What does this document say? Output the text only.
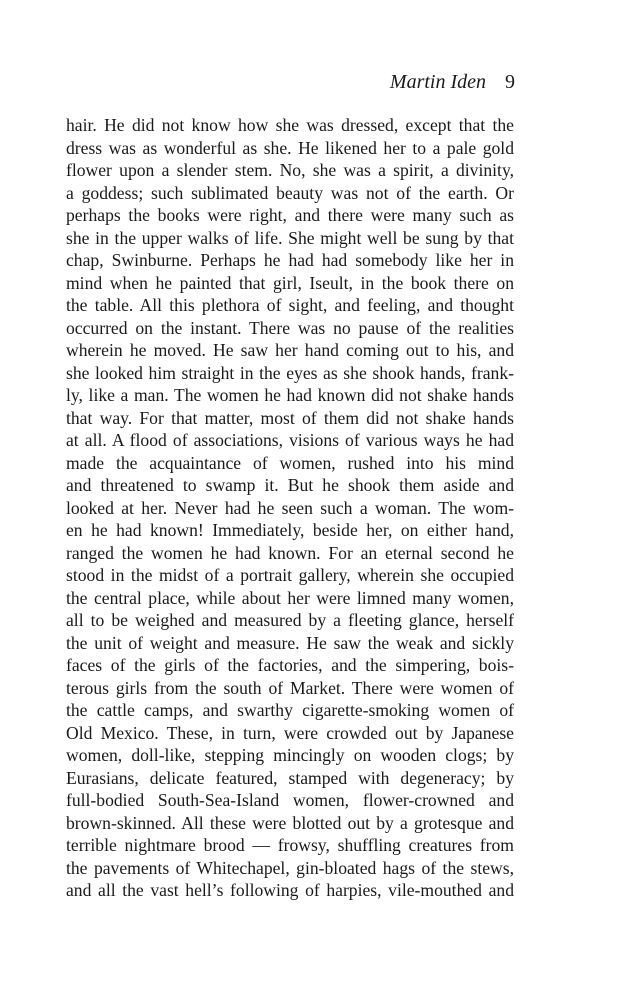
Martin Iden 9
hair. He did not know how she was dressed, except that the
dress was as wonderful as she. He likened her to a pale gold
flower upon a slender stem. No, she was a spirit, a divinity,
a goddess; such sublimated beauty was not of the earth. Or
perhaps the books were right, and there were many such as
she in the upper walks of life. She might well be sung by that
chap, Swinburne. Perhaps he had had somebody like her in
mind when he painted that girl, Iseult, in the book there on
the table. All this plethora of sight, and feeling, and thought
occurred on the instant. There was no pause of the realities
wherein he moved. He saw her hand coming out to his, and
she looked him straight in the eyes as she shook hands, frank-
ly, like a man. The women he had known did not shake hands
that way. For that matter, most of them did not shake hands
at all. A flood of associations, visions of various ways he had
made the acquaintance of women, rushed into his mind
and threatened to swamp it. But he shook them aside and
looked at her. Never had he seen such a woman. The wom-
en he had known! Immediately, beside her, on either hand,
ranged the women he had known. For an eternal second he
stood in the midst of a portrait gallery, wherein she occupied
the central place, while about her were limned many women,
all to be weighed and measured by a fleeting glance, herself
the unit of weight and measure. He saw the weak and sickly
faces of the girls of the factories, and the simpering, bois-
terous girls from the south of Market. There were women of
the cattle camps, and swarthy cigarette-smoking women of
Old Mexico. These, in turn, were crowded out by Japanese
women, doll-like, stepping mincingly on wooden clogs; by
Eurasians, delicate featured, stamped with degeneracy; by
full-bodied South-Sea-Island women, flower-crowned and
brown-skinned. All these were blotted out by a grotesque and
terrible nightmare brood — frowsy, shuffling creatures from
the pavements of Whitechapel, gin-bloated hags of the stews,
and all the vast hell’s following of harpies, vile-mouthed and
